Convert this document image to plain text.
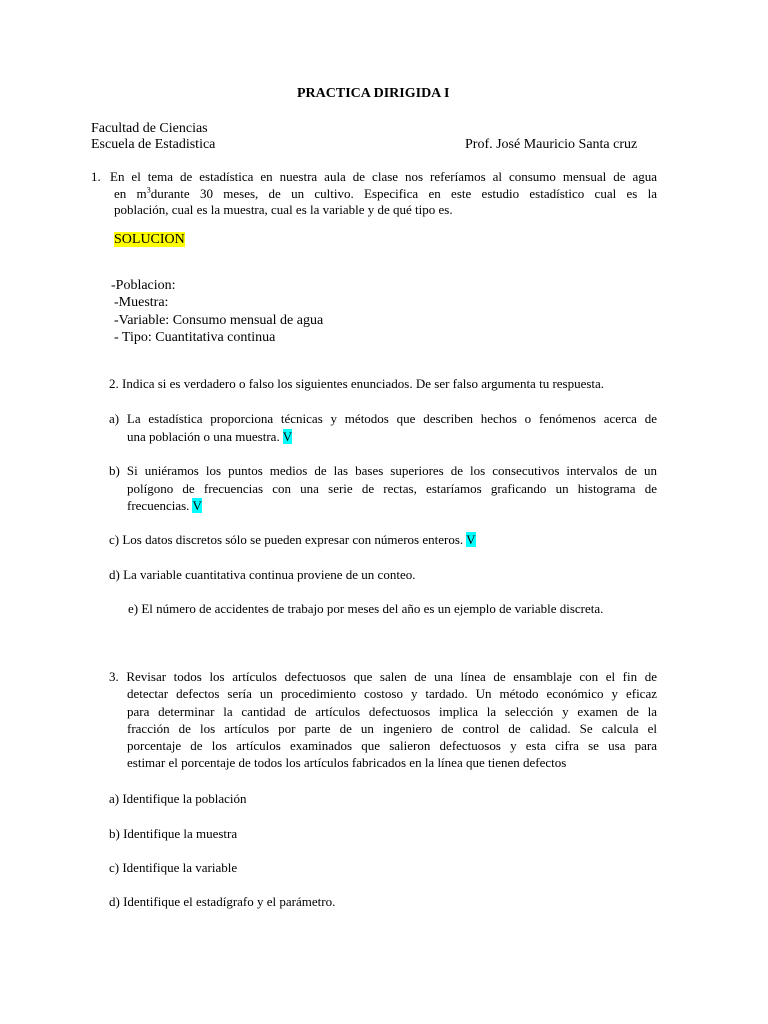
PRACTICA DIRIGIDA I
Facultad de Ciencias
Escuela de Estadistica	Prof. José Mauricio Santa cruz
1. En el tema de estadística en nuestra aula de clase nos referíamos al consumo mensual de agua
en $m^3durante$ 30 meses, de un cultivo. Especifica en este estudio estadístico cual es la
población, cual es la muestra, cual es la variable y de qué tipo es.
SOLUCION
-Poblacion:
-Muestra:
-Variable: Consumo mensual de agua
- Tipo: Cuantitativa continua
2. Indica si es verdadero o falso los siguientes enunciados. De ser falso argumenta tu respuesta.
a) La estadística proporciona técnicas y métodos que describen hechos o fenómenos acerca de
una población o una muestra. V
b) Si uniéramos los puntos medios de las bases superiores de los consecutivos intervalos de un
polígono de frecuencias con una serie de rectas, estaríamos graficando un histograma de
frecuencias. V
c) Los datos discretos sólo se pueden expresar con números enteros. V
d) La variable cuantitativa continua proviene de un conteo.
e) El número de accidentes de trabajo por meses del año es un ejemplo de variable discreta.
3. Revisar todos los artículos defectuosos que salen de una línea de ensamblaje con el fin de
detectar defectos sería un procedimiento costoso y tardado. Un método económico y eficaz
para determinar la cantidad de artículos defectuosos implica la selección y examen de la
fracción de los artículos por parte de un ingeniero de control de calidad. Se calcula el
porcentaje de los artículos examinados que salieron defectuosos y esta cifra se usa para
estimar el porcentaje de todos los artículos fabricados en la línea que tienen defectos
a) Identifique la población
b) Identifique la muestra
c) Identifique la variable
d) Identifique el estadígrafo y el parámetro.
